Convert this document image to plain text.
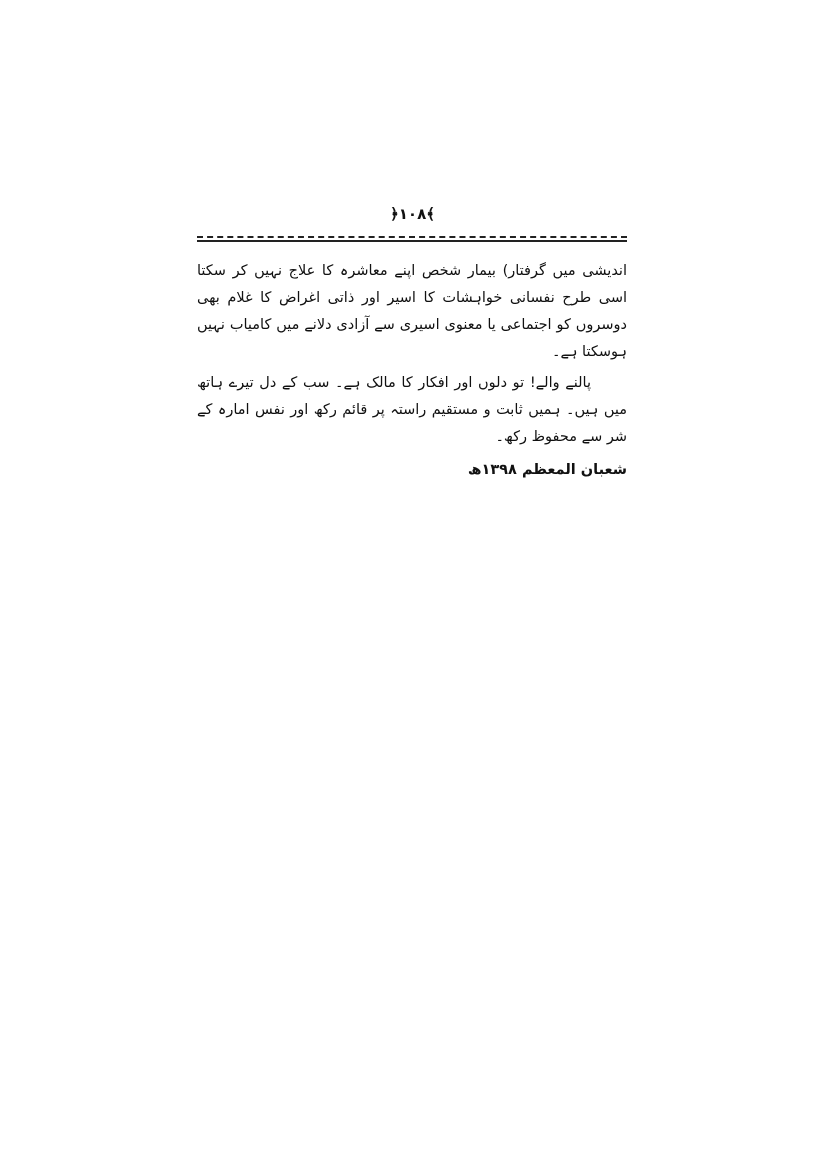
﴿۱۰۸﴾

اندیشی میں گرفتار) بیمار شخص اپنے معاشرہ کا علاج نہیں کر سکتا اسی طرح نفسانی خواہشات کا اسیر اور ذاتی اغراض کا غلام بھی دوسروں کو اجتماعی یا معنوی اسیری سے آزادی دلانے میں کامیاب نہیں ہوسکتا ہے۔

پالنے والے! تو دلوں اور افکار کا مالک ہے۔ سب کے دل تیرے ہاتھ میں ہیں۔ ہمیں ثابت و مستقیم راستہ پر قائم رکھ اور نفس امارہ کے شر سے محفوظ رکھ۔

شعبان المعظم ۱۳۹۸ھ
